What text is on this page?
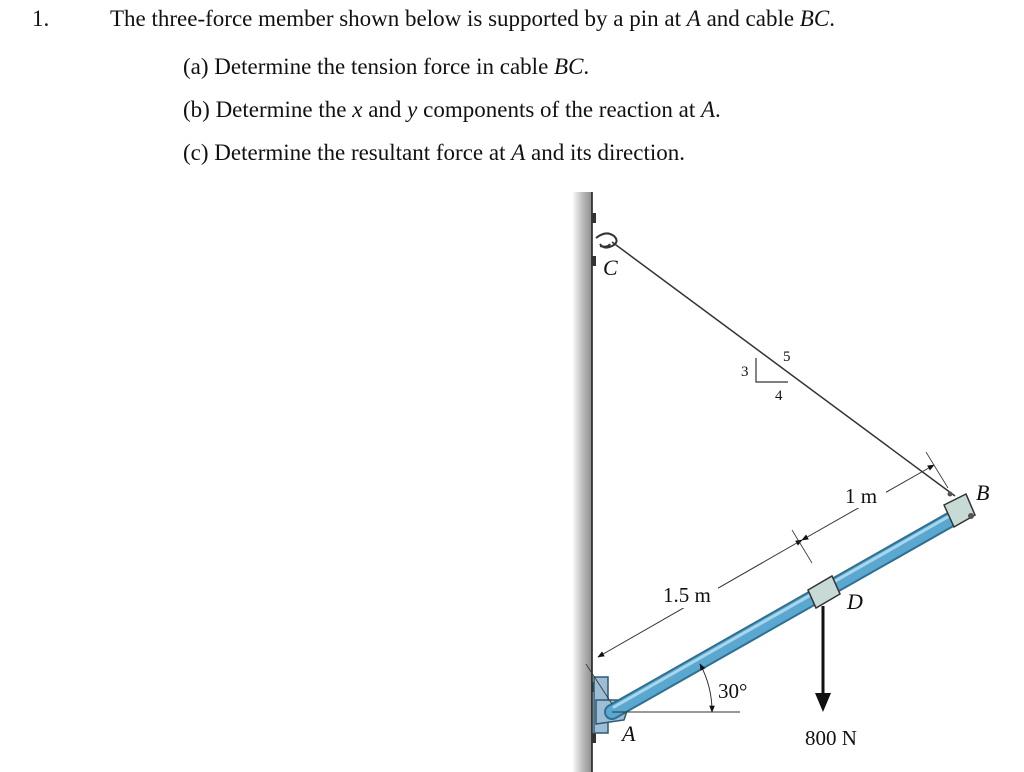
1.	The three-force member shown below is supported by a pin at A and cable BC.
(a) Determine the tension force in cable BC.
(b) Determine the x and y components of the reaction at A.
(c) Determine the resultant force at A and its direction.
3
5
4
800 N
1.5 m
1 m
30°
C
B
D
A
